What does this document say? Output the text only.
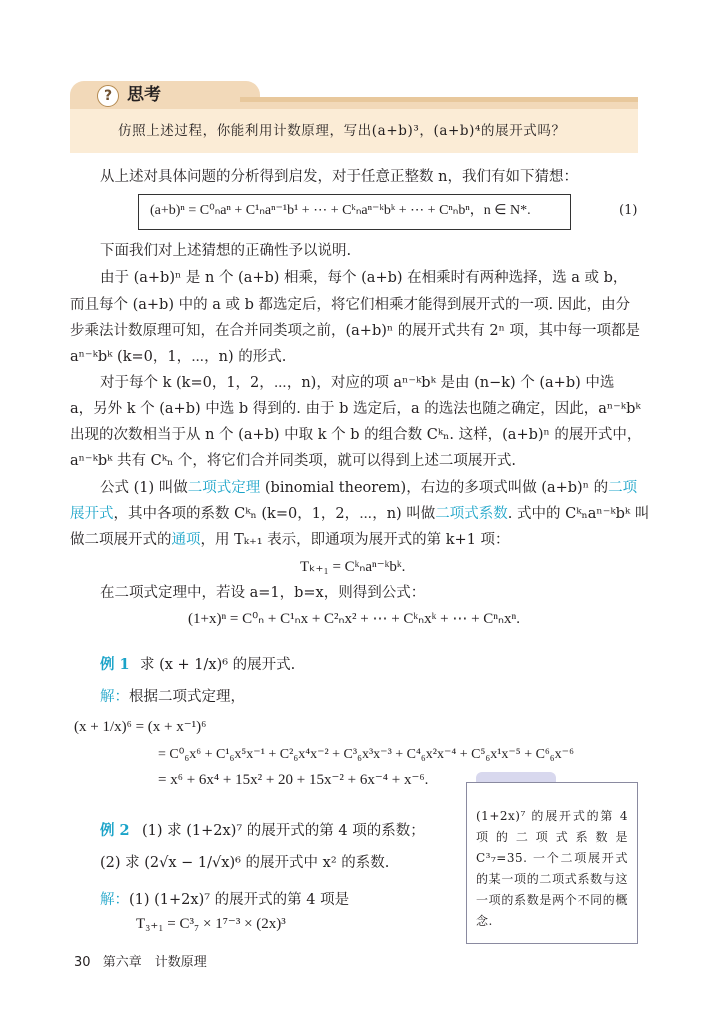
? 思考
仿照上述过程，你能利用计数原理，写出(a+b)³，(a+b)⁴的展开式吗？
从上述对具体问题的分析得到启发，对于任意正整数 n，我们有如下猜想：
(a+b)ⁿ = C⁰ₙaⁿ + C¹ₙaⁿ⁻¹b¹ + ⋯ + Cᵏₙaⁿ⁻ᵏbᵏ + ⋯ + Cⁿₙbⁿ，n ∈ N*.	(1)
下面我们对上述猜想的正确性予以说明.
由于 (a+b)ⁿ 是 n 个 (a+b) 相乘，每个 (a+b) 在相乘时有两种选择，选 a 或 b，
而且每个 (a+b) 中的 a 或 b 都选定后，将它们相乘才能得到展开式的一项. 因此，由分
步乘法计数原理可知，在合并同类项之前，(a+b)ⁿ 的展开式共有 2ⁿ 项，其中每一项都是
aⁿ⁻ᵏbᵏ (k=0，1，⋯，n) 的形式.
对于每个 k (k=0，1，2，⋯，n)，对应的项 aⁿ⁻ᵏbᵏ 是由 (n−k) 个 (a+b) 中选
a，另外 k 个 (a+b) 中选 b 得到的. 由于 b 选定后，a 的选法也随之确定，因此，aⁿ⁻ᵏbᵏ
出现的次数相当于从 n 个 (a+b) 中取 k 个 b 的组合数 Cᵏₙ. 这样，(a+b)ⁿ 的展开式中，
aⁿ⁻ᵏbᵏ 共有 Cᵏₙ 个，将它们合并同类项，就可以得到上述二项展开式.
公式 (1) 叫做二项式定理 (binomial theorem)，右边的多项式叫做 (a+b)ⁿ 的二项
展开式，其中各项的系数 Cᵏₙ (k=0，1，2，⋯，n) 叫做二项式系数. 式中的 Cᵏₙaⁿ⁻ᵏbᵏ 叫
做二项展开式的通项，用 Tₖ₊₁ 表示，即通项为展开式的第 k+1 项：
Tₖ₊₁ = Cᵏₙaⁿ⁻ᵏbᵏ.
在二项式定理中，若设 a=1，b=x，则得到公式：
(1+x)ⁿ = C⁰ₙ + C¹ₙx + C²ₙx² + ⋯ + Cᵏₙxᵏ + ⋯ + Cⁿₙxⁿ.
例 1 求 (x + 1/x)⁶ 的展开式.
解：根据二项式定理，
(x + 1/x)⁶ = (x + x⁻¹)⁶
= C⁰₆x⁶ + C¹₆x⁵x⁻¹ + C²₆x⁴x⁻² + C³₆x³x⁻³ + C⁴₆x²x⁻⁴ + C⁵₆x¹x⁻⁵ + C⁶₆x⁻⁶
= x⁶ + 6x⁴ + 15x² + 20 + 15x⁻² + 6x⁻⁴ + x⁻⁶.
例 2 (1) 求 (1+2x)⁷ 的展开式的第 4 项的系数；
(2) 求 (2√x − 1/√x)⁶ 的展开式中 x² 的系数.
解：(1) (1+2x)⁷ 的展开式的第 4 项是
T₃₊₁ = C³₇ × 1⁷⁻³ × (2x)³
(1+2x)⁷ 的展开式的第 4 项的二项式系数是 C³₇=35. 一个二项展开式的某一项的二项式系数与这一项的系数是两个不同的概念.
30 第六章　计数原理
